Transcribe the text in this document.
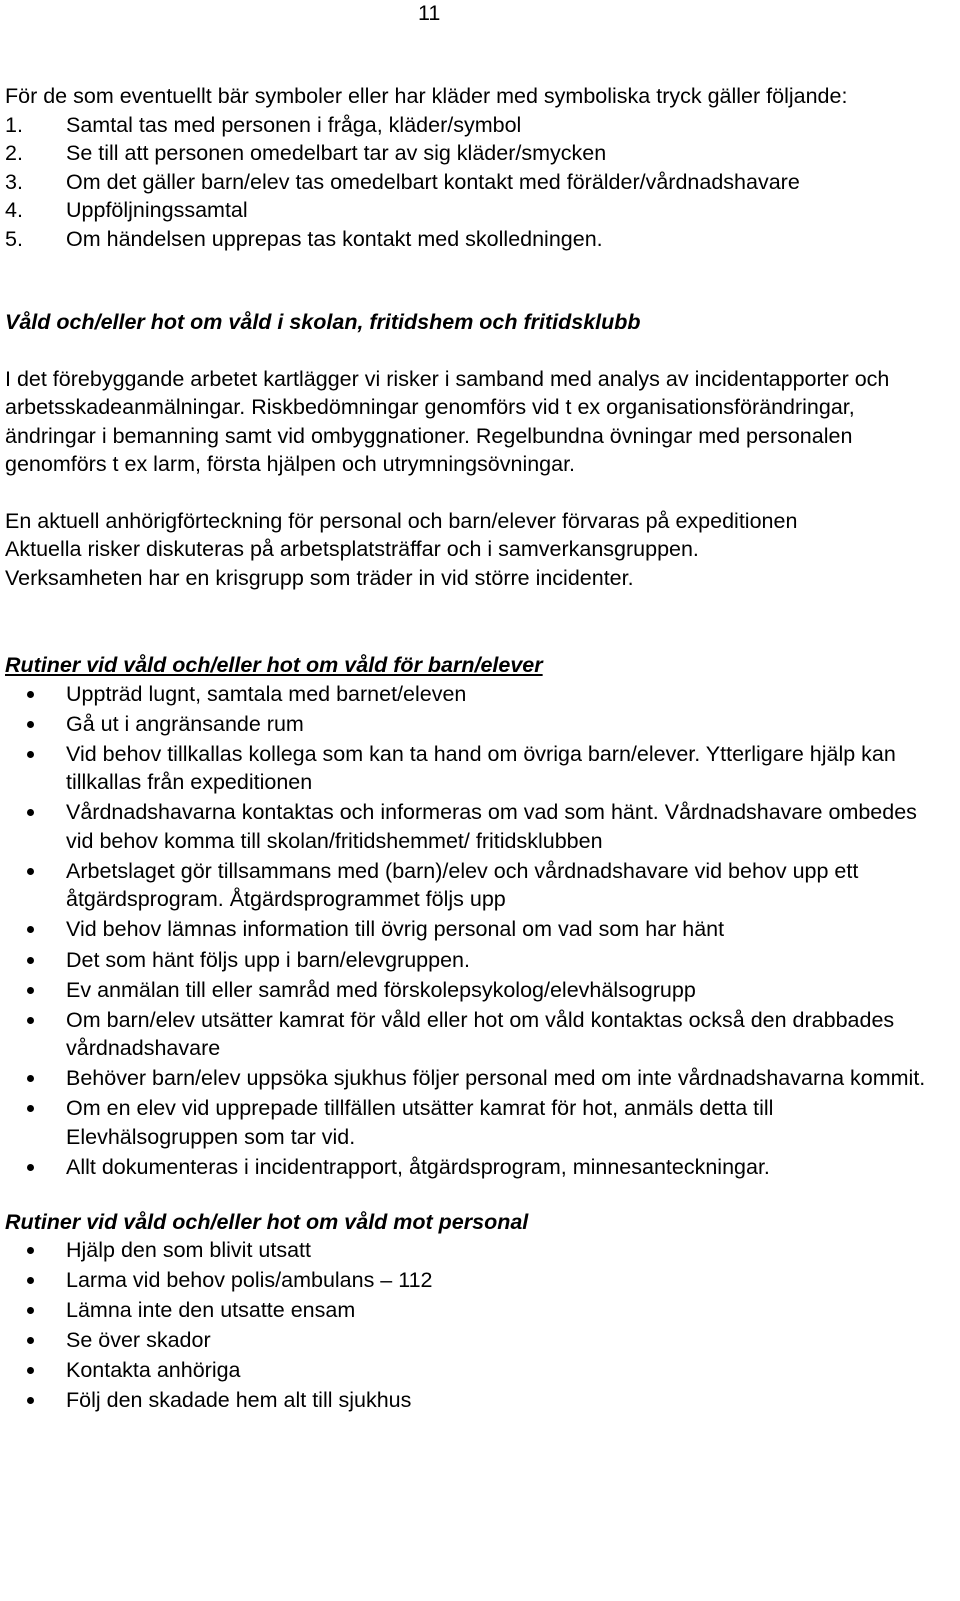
11

För de som eventuellt bär symboler eller har kläder med symboliska tryck gäller följande:

1. Samtal tas med personen i fråga, kläder/symbol
2. Se till att personen omedelbart tar av sig kläder/smycken
3. Om det gäller barn/elev tas omedelbart kontakt med förälder/vårdnadshavare
4. Uppföljningssamtal
5. Om händelsen upprepas tas kontakt med skolledningen.
Våld och/eller hot om våld i skolan, fritidshem och fritidsklubb

I det förebyggande arbetet kartlägger vi risker i samband med analys av incidentapporter och arbetsskadeanmälningar. Riskbedömningar genomförs vid t ex organisationsförändringar, ändringar i bemanning samt vid ombyggnationer. Regelbundna övningar med personalen genomförs t ex larm, första hjälpen och utrymningsövningar.

En aktuell anhörigförteckning för personal och barn/elever förvaras på expeditionen

Aktuella risker diskuteras på arbetsplatsträffar och i samverkansgruppen.

Verksamheten har en krisgrupp som träder in vid större incidenter.

Rutiner vid våld och/eller hot om våld för barn/elever
Uppträd lugnt, samtala med barnet/eleven
Gå ut i angränsande rum
Vid behov tillkallas kollega som kan ta hand om övriga barn/elever. Ytterligare hjälp kan tillkallas från expeditionen
Vårdnadshavarna kontaktas och informeras om vad som hänt. Vårdnadshavare ombedes vid behov komma till skolan/fritidshemmet/ fritidsklubben
Arbetslaget gör tillsammans med (barn)/elev och vårdnadshavare vid behov upp ett åtgärdsprogram. Åtgärdsprogrammet följs upp
Vid behov lämnas information till övrig personal om vad som har hänt
Det som hänt följs upp i barn/elevgruppen.
Ev anmälan till eller samråd med förskolepsykolog/elevhälsogrupp
Om barn/elev utsätter kamrat för våld eller hot om våld kontaktas också den drabbades vårdnadshavare
Behöver barn/elev uppsöka sjukhus följer personal med om inte vårdnadshavarna kommit.
Om en elev vid upprepade tillfällen utsätter kamrat för hot, anmäls detta till Elevhälsogruppen som tar vid.
Allt dokumenteras i incidentrapport, åtgärdsprogram, minnesanteckningar.
Rutiner vid våld och/eller hot om våld mot personal
Hjälp den som blivit utsatt
Larma vid behov polis/ambulans – 112
Lämna inte den utsatte ensam
Se över skador
Kontakta anhöriga
Följ den skadade hem alt till sjukhus
